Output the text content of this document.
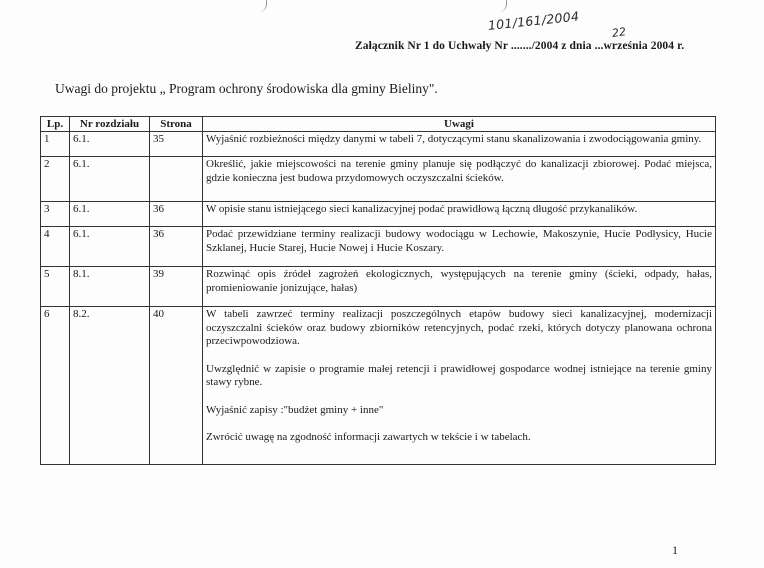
Załącznik Nr 1 do Uchwały Nr ......./2004 z dnia ...września 2004 r.
101/161/2004	22
Uwagi do projektu „ Program ochrony środowiska dla gminy Bieliny".
Lp.	Nr rozdziału	Strona	Uwagi
1	6.1.	35	Wyjaśnić rozbieżności między danymi w tabeli 7, dotyczącymi stanu skanalizowania i zwodociągowania gminy.

2	6.1.		Określić, jakie miejscowości na terenie gminy planuje się podłączyć do kanalizacji zbiorowej. Podać miejsca, gdzie konieczna jest budowa przydomowych oczyszczalni ścieków.

3	6.1.	36	W opisie stanu istniejącego sieci kanalizacyjnej podać prawidłową łączną długość przykanalików.

4	6.1.	36	Podać przewidziane terminy realizacji budowy wodociągu w Lechowie, Makoszynie, Hucie Podłysicy, Hucie Szklanej, Hucie Starej, Hucie Nowej i Hucie Koszary.

5	8.1.	39	Rozwinąć opis źródeł zagrożeń ekologicznych, występujących na terenie gminy (ścieki, odpady, hałas, promieniowanie jonizujące, hałas)

6	8.2.	40	W tabeli zawrzeć terminy realizacji poszczególnych etapów budowy sieci kanalizacyjnej, modernizacji oczyszczalni ścieków oraz budowy zbiorników retencyjnych, podać rzeki, których dotyczy planowana ochrona przeciwpowodziowa.

Uwzględnić w zapisie o programie małej retencji i prawidłowej gospodarce wodnej istniejące na terenie gminy stawy rybne.

Wyjaśnić zapisy :"budżet gminy + inne"

Zwrócić uwagę na zgodność informacji zawartych w tekście i w tabelach.

1
